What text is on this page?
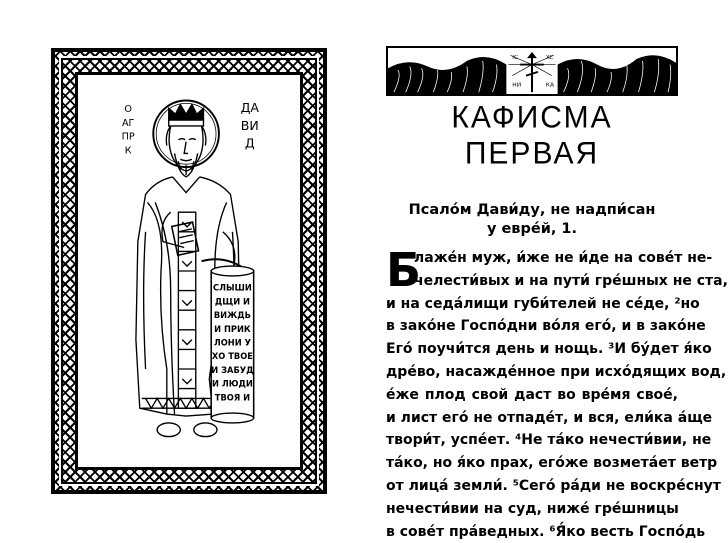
О
АГ
ПР
К
ДА
ВИ
Д
СЛЫШИ
ДЩИ И
ВИЖДЬ
И ПРИК
ЛОНИ У
ХО ТВОЕ
И ЗАБУД
И ЛЮДИ
ТВОЯ И
IC	XC
НИ	КА
КАФИСМА
ПЕРВАЯ
Псало́м Дави́ду, не надпи́сан
у евре́й, 1.
Б
лаже́н муж, и́же не и́де на сове́т не-
челести́вых и на пути́ гре́шных не ста,
и на седа́лищи губи́телей не се́де, ²но
в зако́не Госпо́дни во́ля его́, и в зако́не
Его́ поучи́тся день и нощь. ³И бу́дет я́ко
дре́во, насажде́нное при исхо́дящих вод,
е́же плод свой даст во вре́мя свое́,
и лист его́ не отпаде́т, и вся, ели́ка а́ще
твори́т, успе́ет. ⁴Не та́ко нечести́вии, не
та́ко, но я́ко прах, его́же возмета́ет ветр
от лица́ земли́. ⁵Сего́ ра́ди не воскре́снут
нечести́вии на суд, ниже́ гре́шницы
в сове́т пра́ведных. ⁶Я́ко весть Госпо́дь
